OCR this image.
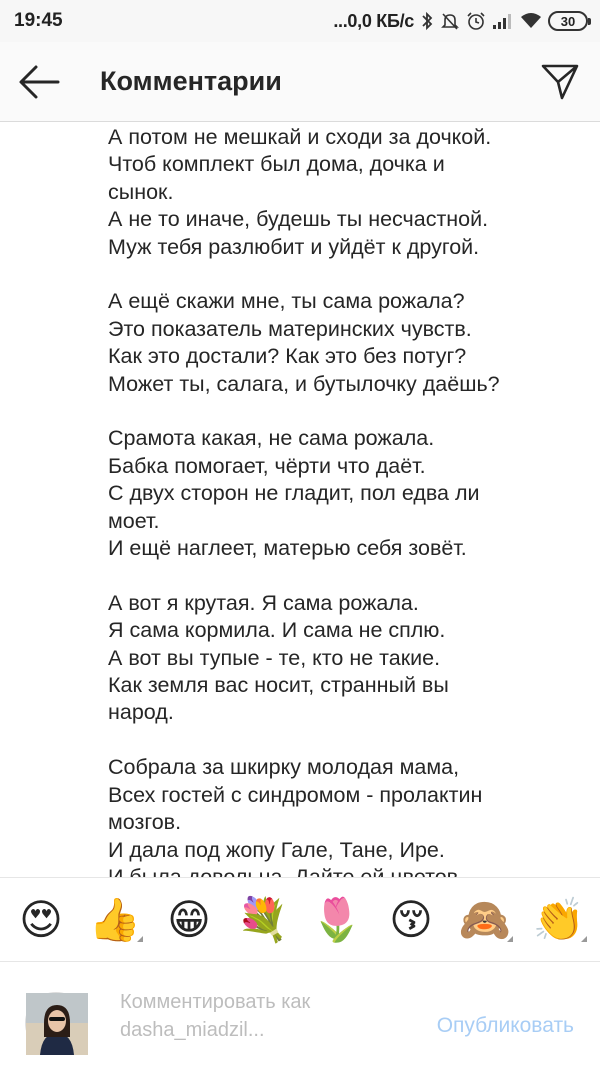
19:45	...0,0 КБ/с	30
Комментарии
А потом не мешкай и сходи за дочкой.
Чтоб комплект был дома, дочка и
сынок.
А не то иначе, будешь ты несчастной.
Муж тебя разлюбит и уйдёт к другой.
А ещё скажи мне, ты сама рожала?
Это показатель материнских чувств.
Как это достали? Как это без потуг?
Может ты, салага, и бутылочку даёшь?
Срамота какая, не сама рожала.
Бабка помогает, чёрти что даёт.
С двух сторон не гладит, пол едва ли
моет.
И ещё наглеет, матерью себя зовёт.
А вот я крутая. Я сама рожала.
Я сама кормила. И сама не сплю.
А вот вы тупые - те, кто не такие.
Как земля вас носит, странный вы
народ.
Собрала за шкирку молодая мама,
Всех гостей с синдромом - пролактин
мозгов.
И дала под жопу Гале, Тане, Ире.
😍 👍 😁 💐 🌷 😚 🙈 👏
Комментировать как
dasha_miadzil...	Опубликовать
